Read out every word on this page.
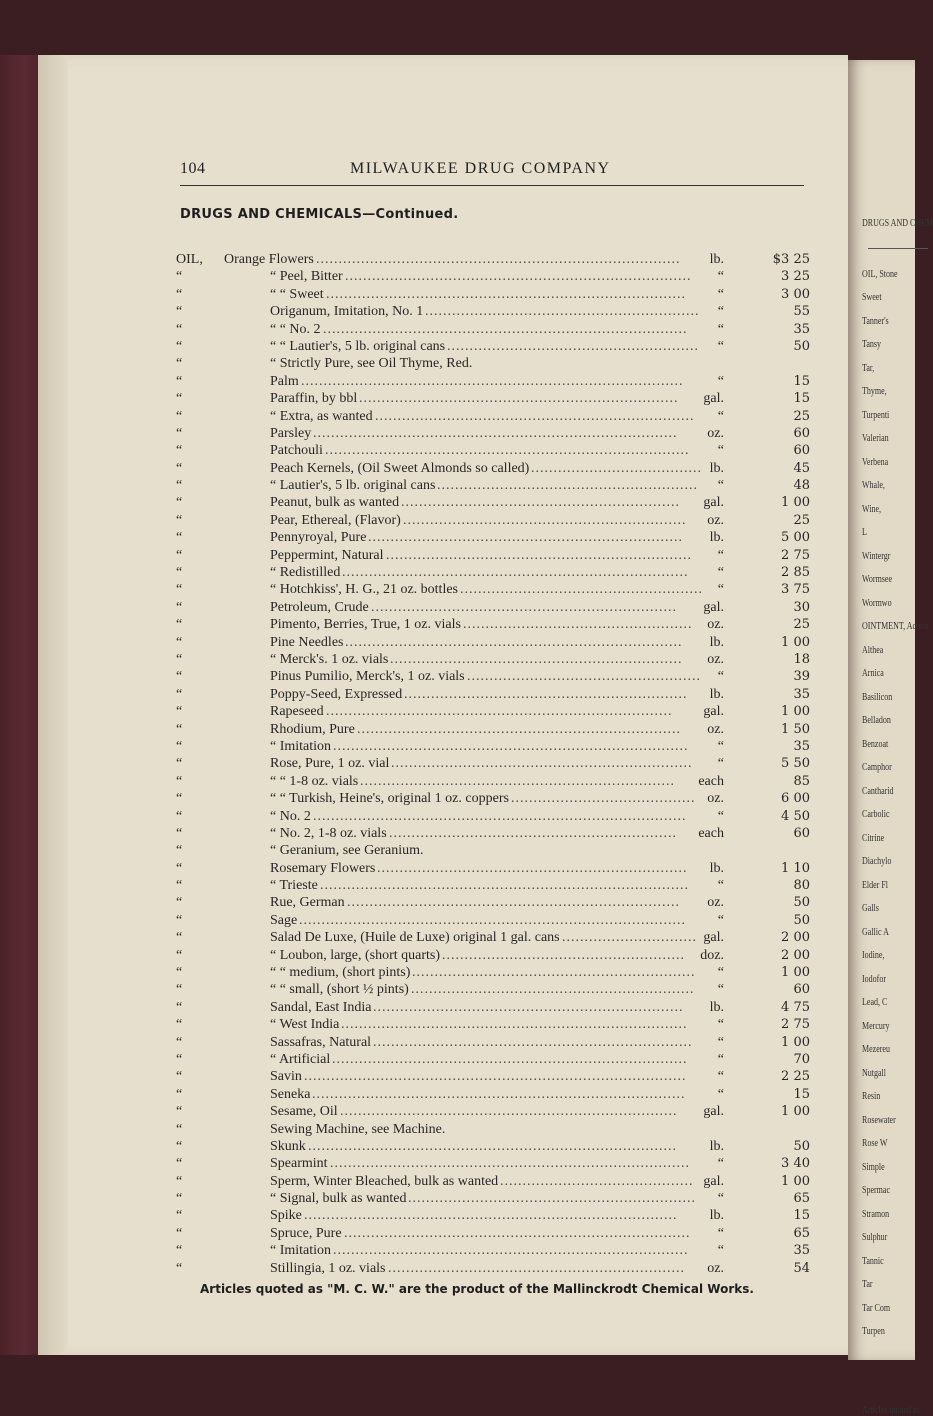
DRUGS AND CHEM
OIL, Stone
Sweet
Tanner's
Tansy
Tar,
Thyme,
Turpenti
Valerian
Verbena
Whale,
Wine,
L
Wintergr
Wormsee
Wormwo
OINTMENT, Aconit
Althea
Arnica
Basilicon
Belladon
Benzoat
Camphor
Cantharid
Carbolic
Citrine
Diachylo
Elder Fl
Galls
Gallic A
Iodine,
Iodofor
Lead, C
Mercury
Mezereu
Nutgall
Resin
Rosewater
Rose W
Simple
Spermac
Stramon
Sulphur
Tannic
Tar
Tar Com
Turpen
Articles quoted as
104	MILWAUKEE DRUG COMPANY
DRUGS AND CHEMICALS—Continued.
OIL, Orange Flowers .................................................................................	lb.	$3 25
“	“ Peel, Bitter .............................................................................	“	3 25
“	“ “ Sweet ................................................................................	“	3 00
“	Origanum, Imitation, No. 1 .............................................................	“	55
“	“ “ No. 2 .................................................................................	“	35
“	“ “ Lautier's, 5 lb. original cans ........................................................	“	50
“	“ Strictly Pure, see Oil Thyme, Red.
“	Palm .....................................................................................	“	15
“	Paraffin, by bbl .......................................................................	gal.	15
“	“ Extra, as wanted .......................................................................	“	25
“	Parsley .................................................................................	oz.	60
“	Patchouli .................................................................................	“	60
“	Peach Kernels, (Oil Sweet Almonds so called) ...................................... lb.	45
“	“ Lautier's, 5 lb. original cans ..........................................................	“	48
“	Peanut, bulk as wanted ..............................................................	gal.	1 00
“	Pear, Ethereal, (Flavor) ...............................................................	oz.	25
“	Pennyroyal, Pure ......................................................................	lb.	5 00
“	Peppermint, Natural ....................................................................	“	2 75
“	“ Redistilled .............................................................................	“	2 85
“	“ Hotchkiss', H. G., 21 oz. bottles ......................................................	“	3 75
“	Petroleum, Crude ....................................................................	gal.	30
“	Pimento, Berries, True, 1 oz. vials ...................................................	oz.	25
“	Pine Needles ...........................................................................	lb.	1 00
“	“ Merck's. 1 oz. vials .................................................................	oz.	18
“	Pinus Pumilio, Merck's, 1 oz. vials ....................................................	“	39
“	Poppy-Seed, Expressed ...............................................................	lb.	35
“	Rapeseed .............................................................................	gal.	1 00
“	Rhodium, Pure ........................................................................	oz.	1 50
“	“ Imitation ...............................................................................	“	35
“	Rose, Pure, 1 oz. vial ...................................................................	“	5 50
“	“ “ 1-8 oz. vials ......................................................................	each	85
“	“ “ Turkish, Heine's, original 1 oz. coppers ......................................... oz.	6 00
“	“ No. 2 ...................................................................................	“	4 50
“	“ No. 2, 1-8 oz. vials ................................................................	each	60
“	“ Geranium, see Geranium.
“	Rosemary Flowers .....................................................................	lb.	1 10
“	“ Trieste ..................................................................................	“	80
“	Rue, German ..........................................................................	oz.	50
“	Sage ......................................................................................	“	50
“	Salad De Luxe, (Huile de Luxe) original 1 gal. cans .............................. gal.	2 00
“	“ Loubon, large, (short quarts) ......................................................	doz.	2 00
“	“ “ medium, (short pints) ...............................................................	“	1 00
“	“ “ small, (short ½ pints) ...............................................................	“	60
“	Sandal, East India .....................................................................	lb.	4 75
“	“ West India .............................................................................	“	2 75
“	Sassafras, Natural .......................................................................	“	1 00
“	“ Artificial ...............................................................................	“	70
“	Savin .....................................................................................	“	2 25
“	Seneka ...................................................................................	“	15
“	Sesame, Oil ...........................................................................	gal.	1 00
“	Sewing Machine, see Machine.
“	Skunk ..................................................................................	lb.	50
“	Spearmint ................................................................................	“	3 40
“	Sperm, Winter Bleached, bulk as wanted ........................................... gal.	1 00
“	“ Signal, bulk as wanted ................................................................	“	65
“	Spike ...................................................................................	lb.	15
“	Spruce, Pure .............................................................................	“	65
“	“ Imitation ...............................................................................	“	35
“	Stillingia, 1 oz. vials ..................................................................	oz.	54
Articles quoted as "M. C. W." are the product of the Mallinckrodt Chemical Works.
